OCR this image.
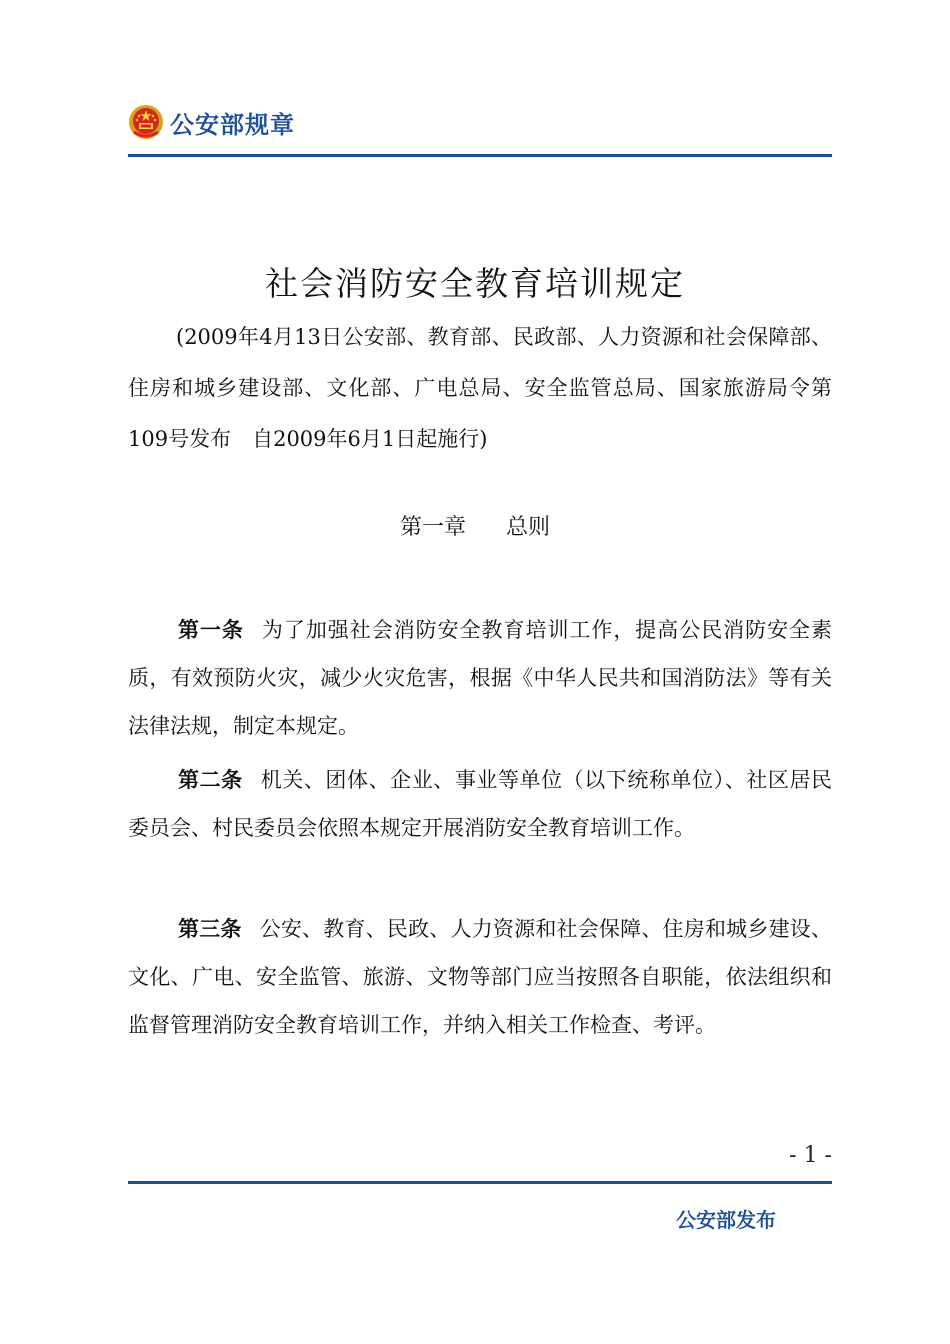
公安部规章
社会消防安全教育培训规定
(2009年4月13日公安部、教育部、民政部、人力资源和社会保障部、住房和城乡建设部、文化部、广电总局、安全监管总局、国家旅游局令第109号发布　自2009年6月1日起施行)
第一章 总则

第一条 为了加强社会消防安全教育培训工作，提高公民消防安全素质，有效预防火灾，减少火灾危害，根据《中华人民共和国消防法》等有关法律法规，制定本规定。

第二条 机关、团体、企业、事业等单位（以下统称单位）、社区居民委员会、村民委员会依照本规定开展消防安全教育培训工作。

第三条 公安、教育、民政、人力资源和社会保障、住房和城乡建设、文化、广电、安全监管、旅游、文物等部门应当按照各自职能，依法组织和监督管理消防安全教育培训工作，并纳入相关工作检查、考评。

- 1 -
公安部发布
